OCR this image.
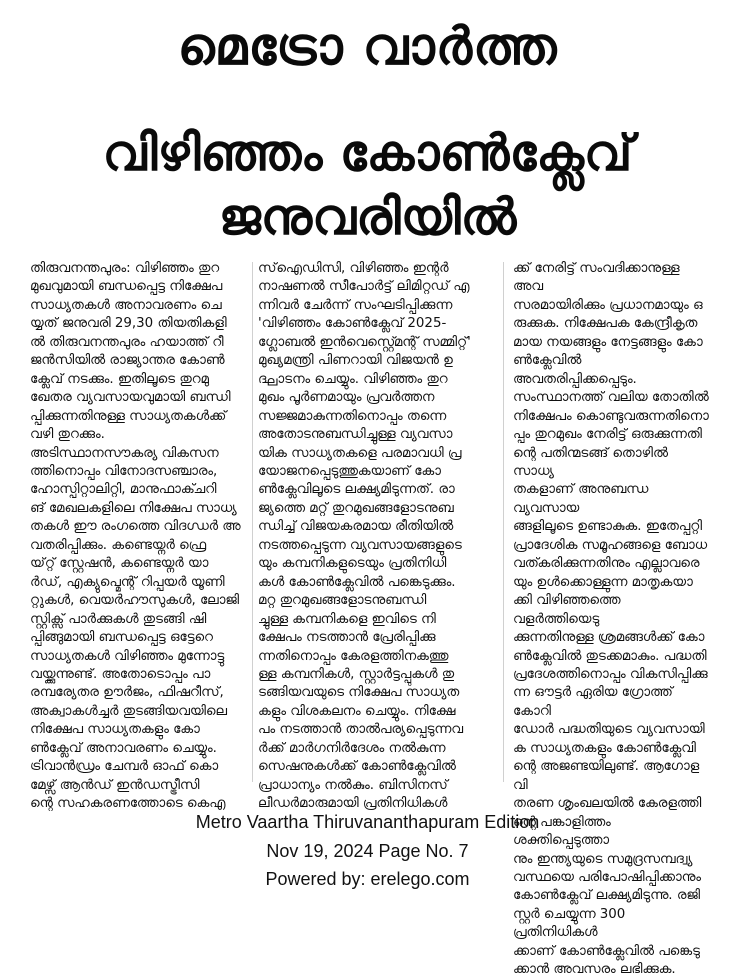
മെട്രോ വാർത്ത
വിഴിഞ്ഞം കോൺക്ലേവ്
ജനുവരിയിൽ

തിരുവനന്തപുരം: വിഴിഞ്ഞം തുറ
മുഖവുമായി ബന്ധപ്പെട്ട നിക്ഷേപ
സാധ്യതകൾ അനാവരണം ചെ
യ്യത് ജനുവരി 29,30 തിയതികളി
ൽ തിരുവനന്തപുരം ഹയാത്ത് റീ
ജൻസിയിൽ രാജ്യാന്തര കോൺ
ക്ലേവ് നടക്കും. ഇതിലൂടെ തുറമു
ഖേതര വ്യവസായവുമായി ബന്ധി
പ്പിക്കുന്നതിനുള്ള സാധ്യതകൾക്ക്
വഴി തുറക്കും.

അടിസ്ഥാനസൗകര്യ വികസന
ത്തിനൊപ്പം വിനോദസഞ്ചാരം,
ഹോസ്പിറ്റാലിറ്റി, മാനുഫാക്ചറി
ങ് മേഖലകളിലെ നിക്ഷേപ സാധ്യ
തകൾ ഈ രംഗത്തെ വിദഗ്ധർ അ
വതരിപ്പിക്കും. കണ്ടെയ്നർ ഫ്രെ
യ്റ്റ് സ്റ്റേഷൻ, കണ്ടെയ്നർ യാ
ർഡ്, എക്യുപ്മെന്റ് റിപ്പയർ യൂണി
റ്റുകൾ, വെയർഹൗസുകൾ, ലോജി
സ്റ്റിക്സ് പാർക്കുകൾ തുടങ്ങി ഷി
പ്പിങ്ങുമായി ബന്ധപ്പെട്ട ഒട്ടേറെ
സാധ്യതകൾ വിഴിഞ്ഞം മുന്നോട്ടു
വയ്ക്കുന്നുണ്ട്. അതോടൊപ്പം പാ
രമ്പര്യേതര ഊർജം, ഫിഷറീസ്,
അക്വാകൾച്ചർ തുടങ്ങിയവയിലെ
നിക്ഷേപ സാധ്യതകളും കോ
ൺക്ലേവ് അനാവരണം ചെയ്യും.

ട്രിവാൻഡ്രം ചേമ്പർ ഓഫ് കൊ
മേഴ്സ് ആൻഡ് ഇൻഡസ്ട്രീസി
ന്റെ സഹകരണത്തോടെ കെഎ

സ്ഐഡിസി, വിഴിഞ്ഞം ഇന്റർ
നാഷണൽ സീപോർട്ട് ലിമിറ്റഡ് എ
ന്നിവർ ചേർന്ന് സംഘടിപ്പിക്കുന്ന
'വിഴിഞ്ഞം കോൺക്ലേവ് 2025-
ഗ്ലോബൽ ഇൻവെസ്റ്റ്മെന്റ് സമ്മിറ്റ്'
മുഖ്യമന്ത്രി പിണറായി വിജയൻ ഉ
ദ്ഘാടനം ചെയ്യും. വിഴിഞ്ഞം തുറ
മുഖം പൂർണമായും പ്രവർത്തന
സജ്ജമാകുന്നതിനൊപ്പം തന്നെ
അതോടനുബന്ധിച്ചുള്ള വ്യവസാ
യിക സാധ്യതകളെ പരമാവധി പ്ര
യോജനപ്പെടുത്തുകയാണ് കോ
ൺക്ലേവിലൂടെ ലക്ഷ്യമിടുന്നത്. രാ
ജ്യത്തെ മറ്റ് തുറമുഖങ്ങളോടനുബ
ന്ധിച്ച് വിജയകരമായ രീതിയിൽ
നടത്തപ്പെടുന്ന വ്യവസായങ്ങളുടെ
യും കമ്പനികളുടെയും പ്രതിനിധി
കൾ കോൺക്ലേവിൽ പങ്കെടുക്കും.

മറ്റ തുറമുഖങ്ങളോടനുബന്ധി
ച്ചുള്ള കമ്പനികളെ ഇവിടെ നി
ക്ഷേപം നടത്താൻ പ്രേരിപ്പിക്കു
ന്നതിനൊപ്പം കേരളത്തിനകത്തു
ള്ള കമ്പനികൾ, സ്റ്റാർട്ടപ്പുകൾ തു
ടങ്ങിയവയുടെ നിക്ഷേപ സാധ്യത
കളും വിശകലനം ചെയ്യും. നിക്ഷേ
പം നടത്താൻ താൽപര്യപ്പെടുന്നവ
ർക്ക് മാർഗനിർദേശം നൽകുന്ന
സെഷനുകൾക്ക് കോൺക്ലേവിൽ
പ്രാധാന്യം നൽകും. ബിസിനസ്
ലീഡർമാരുമായി പ്രതിനിധികൾ

ക്ക് നേരിട്ട് സംവദിക്കാനുള്ള അവ
സരമായിരിക്കും പ്രധാനമായും ഒ
രുക്കുക. നിക്ഷേപക കേന്ദ്രീകൃത
മായ നയങ്ങളും നേട്ടങ്ങളും കോ
ൺക്ലേവിൽ അവതരിപ്പിക്കപ്പെടും.

സംസ്ഥാനത്ത് വലിയ തോതിൽ
നിക്ഷേപം കൊണ്ടുവരുന്നതിനൊ
പ്പം തുറമുഖം നേരിട്ട് ഒരുക്കുന്നതി
ന്റെ പതിന്മടങ്ങ് തൊഴിൽ സാധ്യ
തകളാണ് അനുബന്ധ വ്യവസായ
ങ്ങളിലൂടെ ഉണ്ടാകുക. ഇതേപ്പറ്റി
പ്രാദേശിക സമൂഹങ്ങളെ ബോധ
വത്കരിക്കുന്നതിനും എല്ലാവരെ
യും ഉൾക്കൊള്ളുന്ന മാതൃകയാ
ക്കി വിഴിഞ്ഞത്തെ വളർത്തിയെടു
ക്കുന്നതിനുള്ള ശ്രമങ്ങൾക്ക് കോ
ൺക്ലേവിൽ തുടക്കമാകും. പദ്ധതി
പ്രദേശത്തിനൊപ്പം വികസിപ്പിക്കു
ന്ന ഔട്ടർ ഏരിയ ഗ്രോത്ത് കോറി
ഡോർ പദ്ധതിയുടെ വ്യവസായി
ക സാധ്യതകളും കോൺക്ലേവി
ന്റെ അജണ്ടയിലുണ്ട്. ആഗോള വി
തരണ ശൃംഖലയിൽ കേരളത്തി
ന്റെ പങ്കാളിത്തം ശക്തിപ്പെടുത്താ
നും ഇന്ത്യയുടെ സമുദ്രസമ്പദ്വ്യ
വസ്ഥയെ പരിപോഷിപ്പിക്കാനും
കോൺക്ലേവ് ലക്ഷ്യമിടുന്നു. രജി
സ്റ്റർ ചെയ്യുന്ന 300 പ്രതിനിധികൾ
ക്കാണ് കോൺക്ലേവിൽ പങ്കെടു
ക്കാൻ അവസരം ലഭിക്കുക.

Metro Vaartha Thiruvananthapuram Edition
Nov 19, 2024 Page No. 7
Powered by: erelego.com
